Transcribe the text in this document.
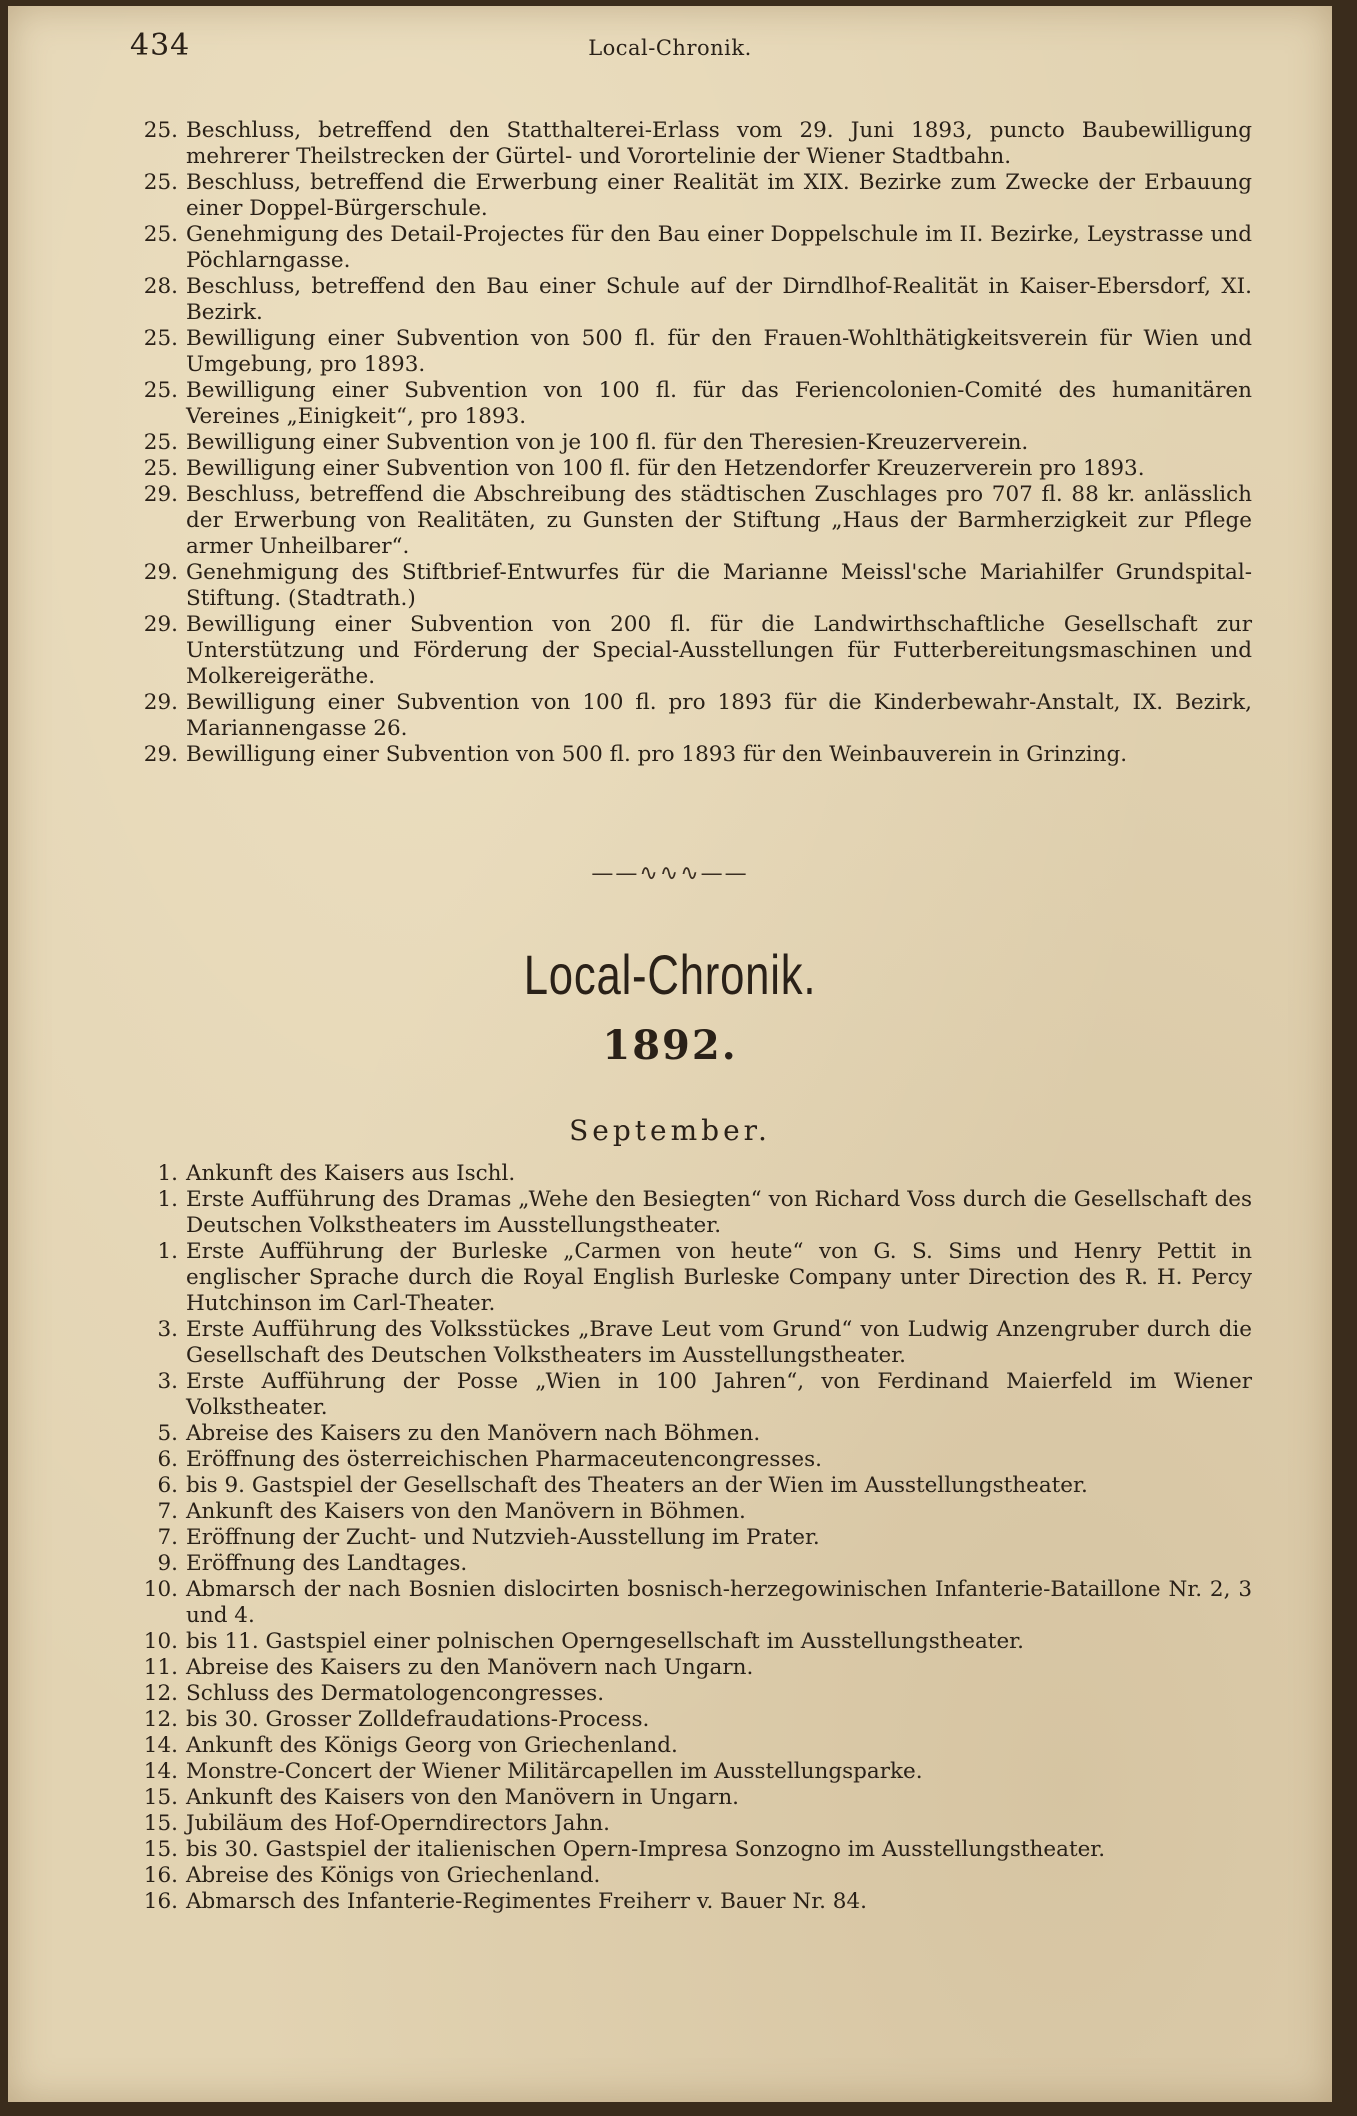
434	Local-Chronik.
25. Beschluss, betreffend den Statthalterei-Erlass vom 29. Juni 1893, puncto Baubewilligung mehrerer Theilstrecken der Gürtel- und Vorortelinie der Wiener Stadtbahn.
25. Beschluss, betreffend die Erwerbung einer Realität im XIX. Bezirke zum Zwecke der Erbauung einer Doppel-Bürgerschule.
25. Genehmigung des Detail-Projectes für den Bau einer Doppelschule im II. Bezirke, Leystrasse und Pöchlarngasse.
28. Beschluss, betreffend den Bau einer Schule auf der Dirndlhof-Realität in Kaiser-Ebersdorf, XI. Bezirk.
25. Bewilligung einer Subvention von 500 fl. für den Frauen-Wohlthätigkeitsverein für Wien und Umgebung, pro 1893.
25. Bewilligung einer Subvention von 100 fl. für das Feriencolonien-Comité des humanitären Vereines „Einigkeit“, pro 1893.
25. Bewilligung einer Subvention von je 100 fl. für den Theresien-Kreuzerverein.
25. Bewilligung einer Subvention von 100 fl. für den Hetzendorfer Kreuzerverein pro 1893.
29. Beschluss, betreffend die Abschreibung des städtischen Zuschlages pro 707 fl. 88 kr. anlässlich der Erwerbung von Realitäten, zu Gunsten der Stiftung „Haus der Barmherzigkeit zur Pflege armer Unheilbarer“.
29. Genehmigung des Stiftbrief-Entwurfes für die Marianne Meissl'sche Mariahilfer Grundspital-Stiftung. (Stadtrath.)
29. Bewilligung einer Subvention von 200 fl. für die Landwirthschaftliche Gesellschaft zur Unterstützung und Förderung der Special-Ausstellungen für Futterbereitungsmaschinen und Molkereigeräthe.
29. Bewilligung einer Subvention von 100 fl. pro 1893 für die Kinderbewahr-Anstalt, IX. Bezirk, Mariannengasse 26.
29. Bewilligung einer Subvention von 500 fl. pro 1893 für den Weinbauverein in Grinzing.
——∿∿∿——
Local-Chronik.
1892.
September.
1. Ankunft des Kaisers aus Ischl.
1. Erste Aufführung des Dramas „Wehe den Besiegten“ von Richard Voss durch die Gesellschaft des Deutschen Volkstheaters im Ausstellungstheater.
1. Erste Aufführung der Burleske „Carmen von heute“ von G. S. Sims und Henry Pettit in englischer Sprache durch die Royal English Burleske Company unter Direction des R. H. Percy Hutchinson im Carl-Theater.
3. Erste Aufführung des Volksstückes „Brave Leut vom Grund“ von Ludwig Anzengruber durch die Gesellschaft des Deutschen Volkstheaters im Ausstellungstheater.
3. Erste Aufführung der Posse „Wien in 100 Jahren“, von Ferdinand Maierfeld im Wiener Volkstheater.
5. Abreise des Kaisers zu den Manövern nach Böhmen.
6. Eröffnung des österreichischen Pharmaceutencongresses.
6. bis 9. Gastspiel der Gesellschaft des Theaters an der Wien im Ausstellungstheater.
7. Ankunft des Kaisers von den Manövern in Böhmen.
7. Eröffnung der Zucht- und Nutzvieh-Ausstellung im Prater.
9. Eröffnung des Landtages.
10. Abmarsch der nach Bosnien dislocirten bosnisch-herzegowinischen Infanterie-Bataillone Nr. 2, 3 und 4.
10. bis 11. Gastspiel einer polnischen Operngesellschaft im Ausstellungstheater.
11. Abreise des Kaisers zu den Manövern nach Ungarn.
12. Schluss des Dermatologencongresses.
12. bis 30. Grosser Zolldefraudations-Process.
14. Ankunft des Königs Georg von Griechenland.
14. Monstre-Concert der Wiener Militärcapellen im Ausstellungsparke.
15. Ankunft des Kaisers von den Manövern in Ungarn.
15. Jubiläum des Hof-Operndirectors Jahn.
15. bis 30. Gastspiel der italienischen Opern-Impresa Sonzogno im Ausstellungstheater.
16. Abreise des Königs von Griechenland.
16. Abmarsch des Infanterie-Regimentes Freiherr v. Bauer Nr. 84.
